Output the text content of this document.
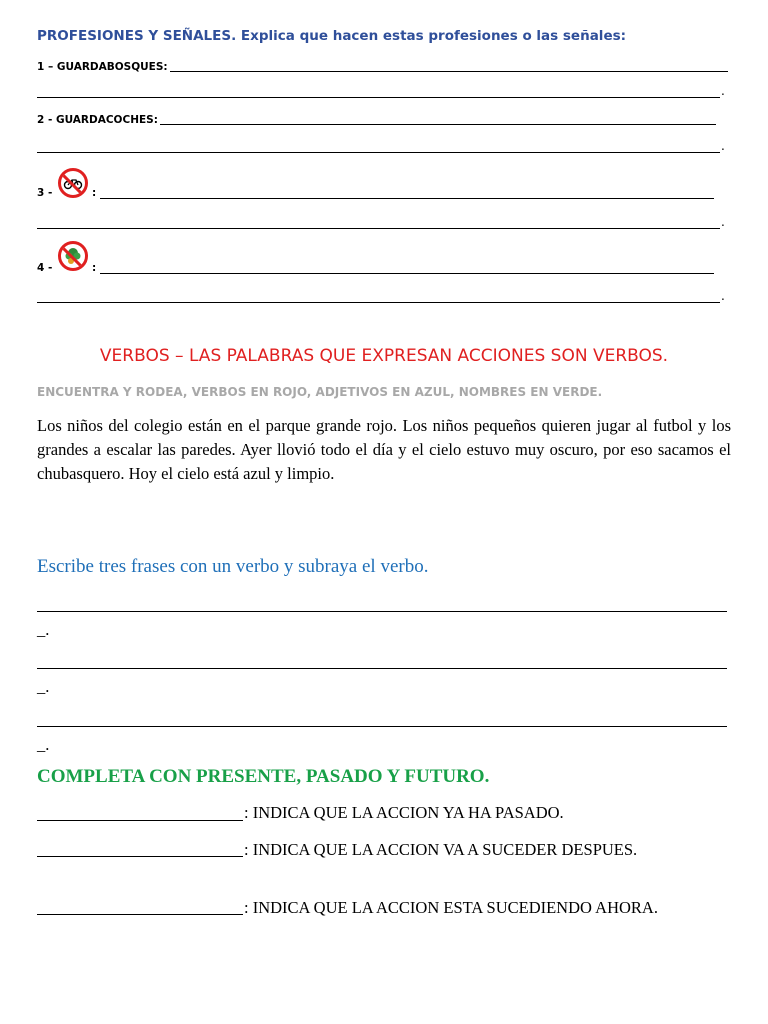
PROFESIONES Y SEÑALES. Explica que hacen estas profesiones o las señales:
1 – GUARDABOSQUES:
.
2 - GUARDACOCHES:
.
3 -	:
.
4 -	:
.
VERBOS – LAS PALABRAS QUE EXPRESAN ACCIONES SON VERBOS.
ENCUENTRA Y RODEA, VERBOS EN ROJO, ADJETIVOS EN AZUL, NOMBRES EN VERDE.
Los niños del colegio están en el parque grande rojo. Los niños pequeños quieren jugar al futbol y los grandes a escalar las paredes. Ayer llovió todo el día y el cielo estuvo muy oscuro, por eso sacamos el chubasquero. Hoy el cielo está azul y limpio.
Escribe tres frases con un verbo y subraya el verbo.
_.
_.
_.
COMPLETA CON PRESENTE, PASADO Y FUTURO.
: INDICA QUE LA ACCION YA HA PASADO.
: INDICA QUE LA ACCION VA A SUCEDER DESPUES.
: INDICA QUE LA ACCION ESTA SUCEDIENDO AHORA.
